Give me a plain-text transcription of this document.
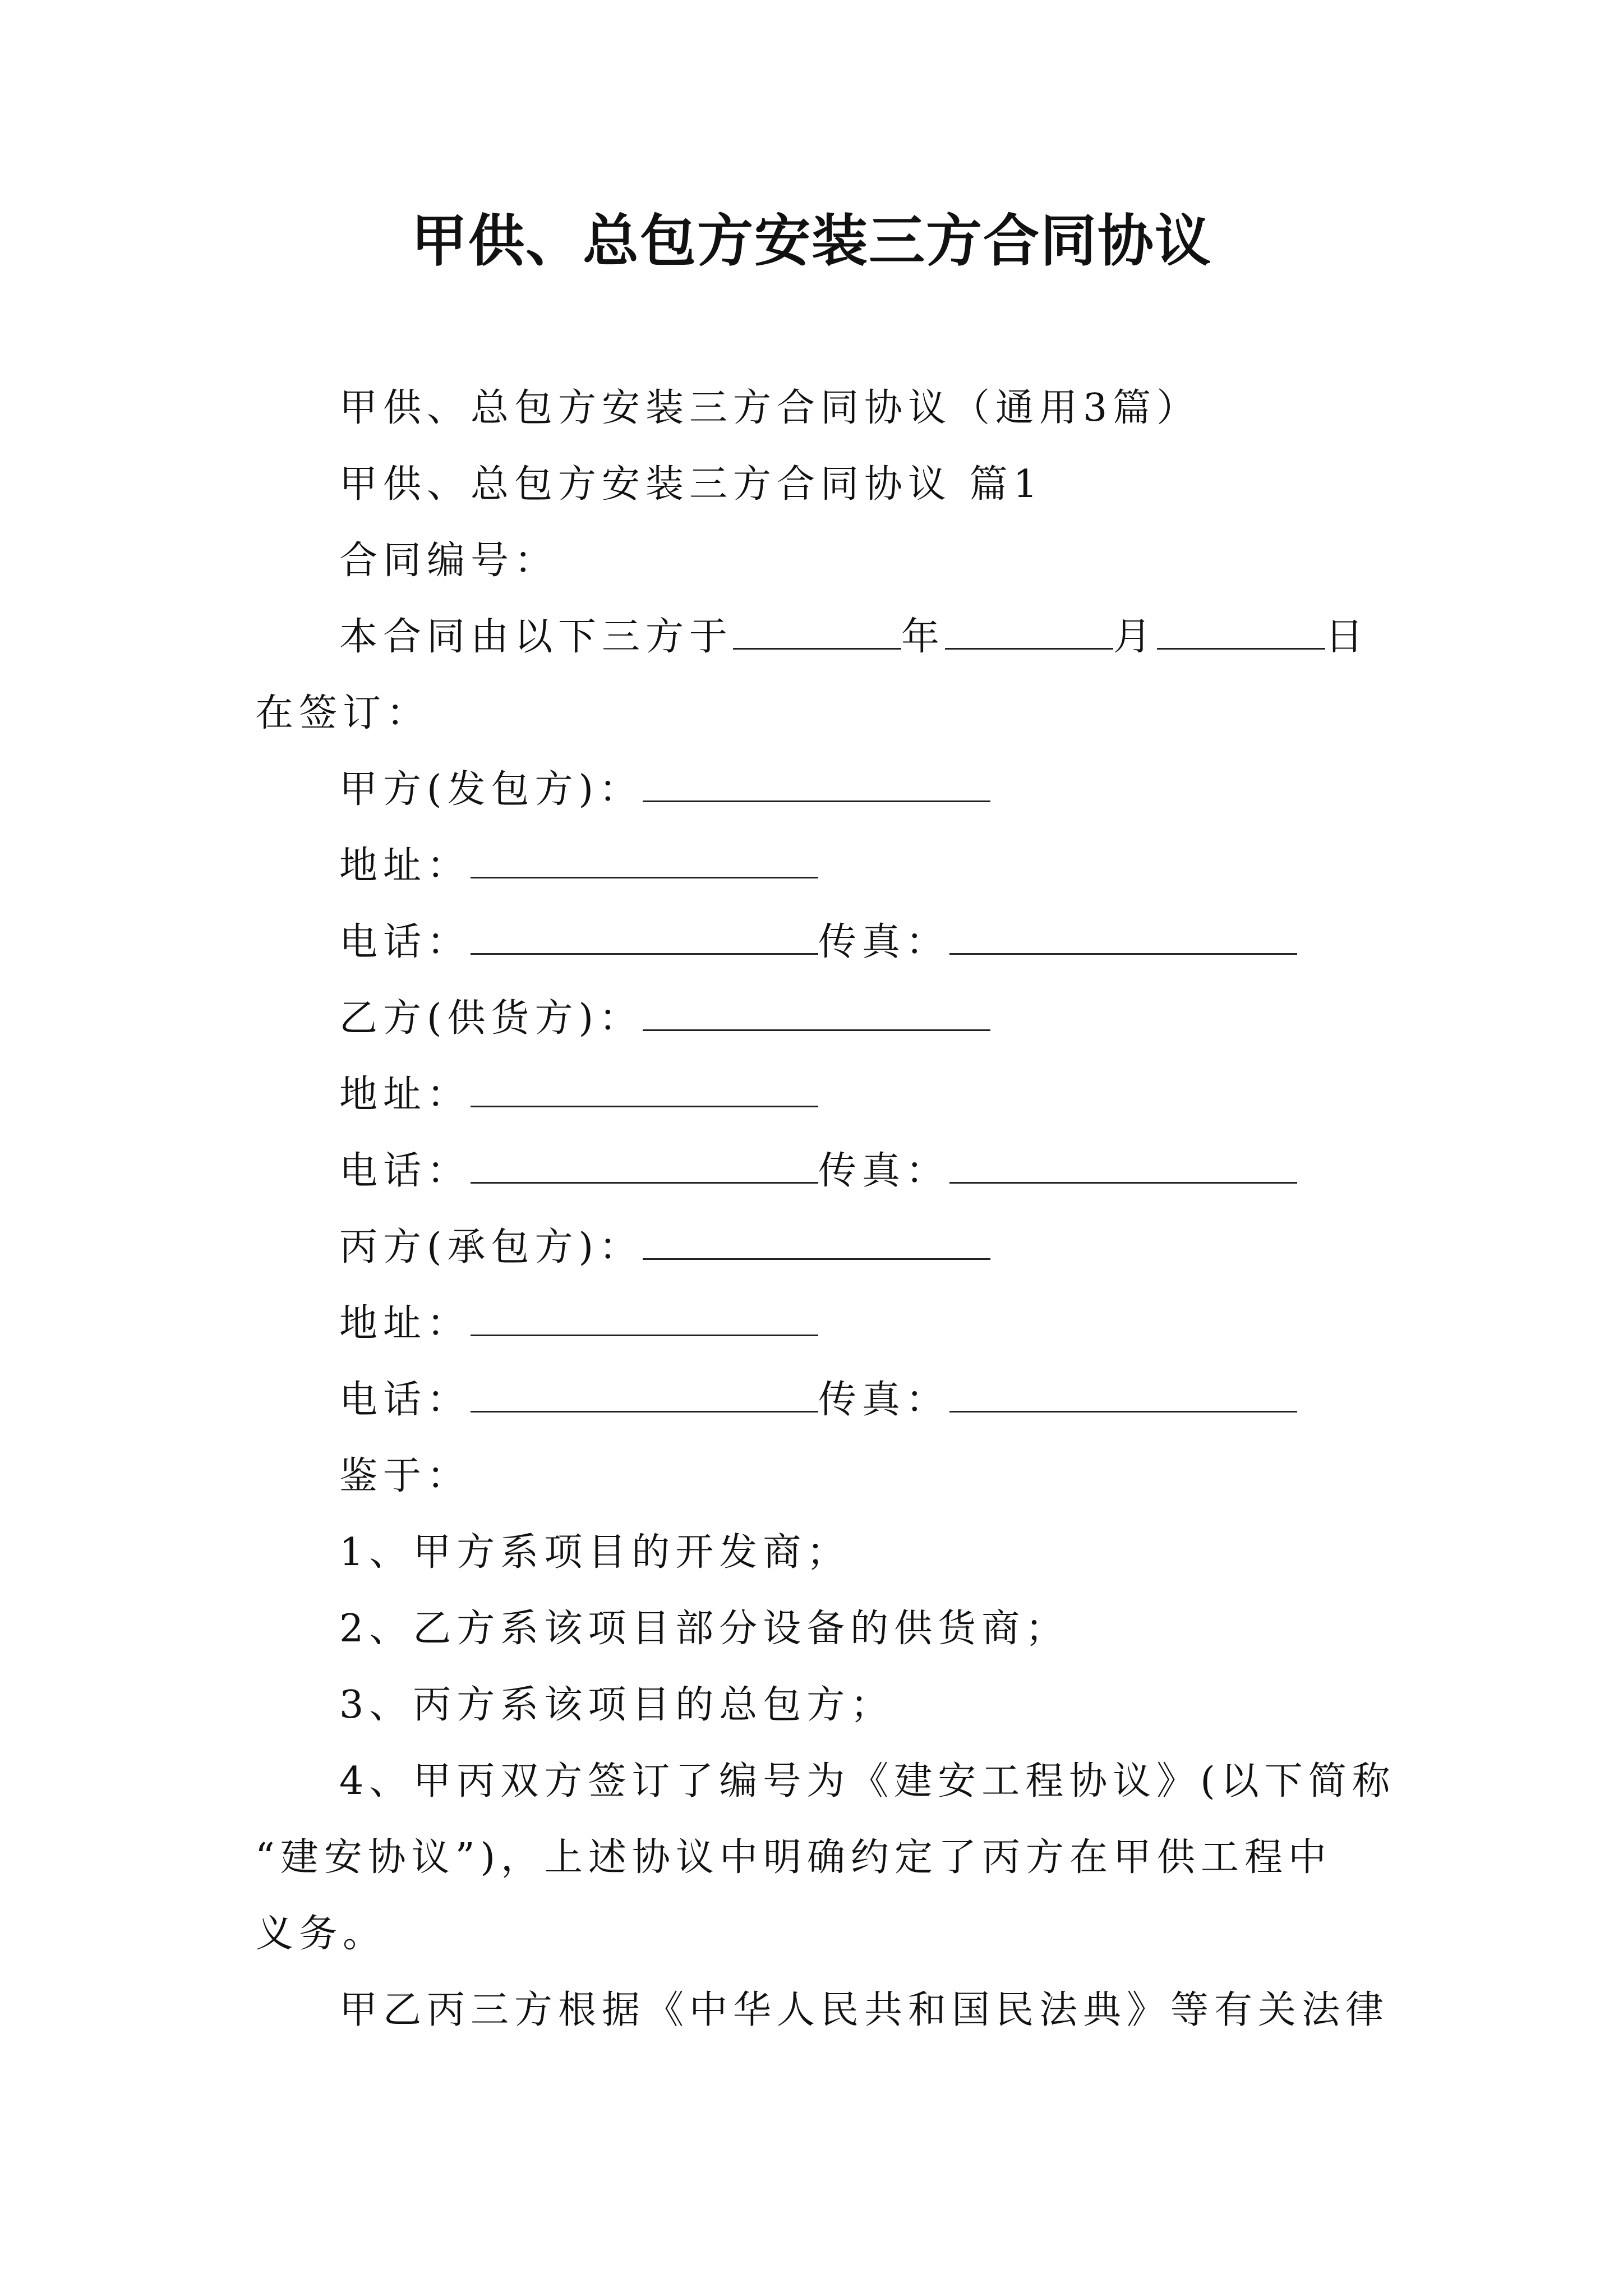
甲供、总包方安装三方合同协议
甲供、总包方安装三方合同协议（通用3篇）
甲供、总包方安装三方合同协议 篇1
合同编号：
本合同由以下三方于	年	月	日
在签订：
甲方(发包方)：
地址：
电话：	传真：
乙方(供货方)：
地址：
电话：	传真：
丙方(承包方)：
地址：
电话：	传真：
鉴于：
1、甲方系项目的开发商；
2、乙方系该项目部分设备的供货商；
3、丙方系该项目的总包方；
4、甲丙双方签订了编号为《建安工程协议》(以下简称
“建安协议”)，上述协议中明确约定了丙方在甲供工程中
义务。
甲乙丙三方根据《中华人民共和国民法典》等有关法律
